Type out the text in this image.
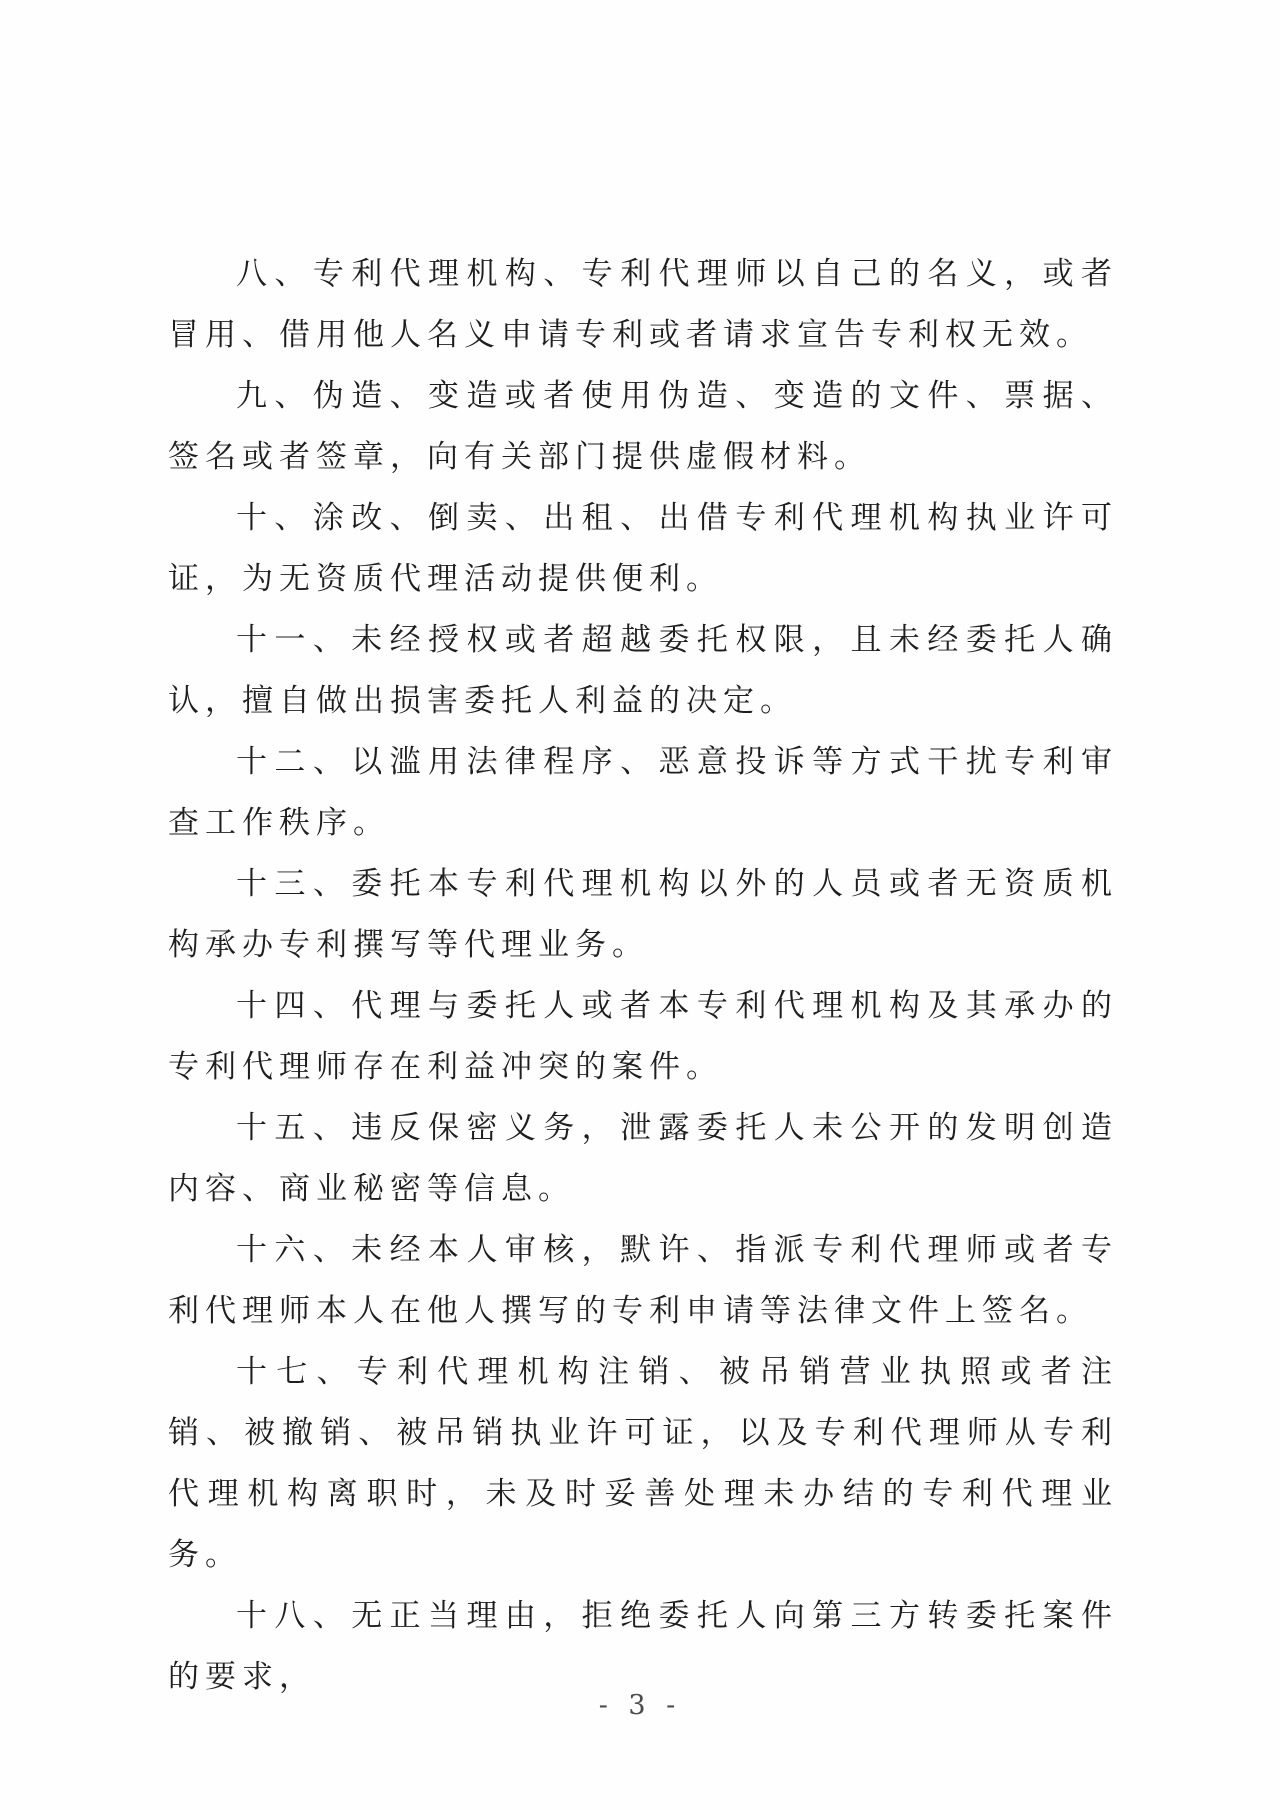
八、专利代理机构、专利代理师以自己的名义，或者冒用、借用他人名义申请专利或者请求宣告专利权无效。

九、伪造、变造或者使用伪造、变造的文件、票据、签名或者签章，向有关部门提供虚假材料。

十、涂改、倒卖、出租、出借专利代理机构执业许可证，为无资质代理活动提供便利。

十一、未经授权或者超越委托权限，且未经委托人确认，擅自做出损害委托人利益的决定。

十二、以滥用法律程序、恶意投诉等方式干扰专利审查工作秩序。

十三、委托本专利代理机构以外的人员或者无资质机构承办专利撰写等代理业务。

十四、代理与委托人或者本专利代理机构及其承办的专利代理师存在利益冲突的案件。

十五、违反保密义务，泄露委托人未公开的发明创造内容、商业秘密等信息。

十六、未经本人审核，默许、指派专利代理师或者专利代理师本人在他人撰写的专利申请等法律文件上签名。

十七、专利代理机构注销、被吊销营业执照或者注销、被撤销、被吊销执业许可证，以及专利代理师从专利代理机构离职时，未及时妥善处理未办结的专利代理业务。

十八、无正当理由，拒绝委托人向第三方转委托案件的要求，

- 3 -
